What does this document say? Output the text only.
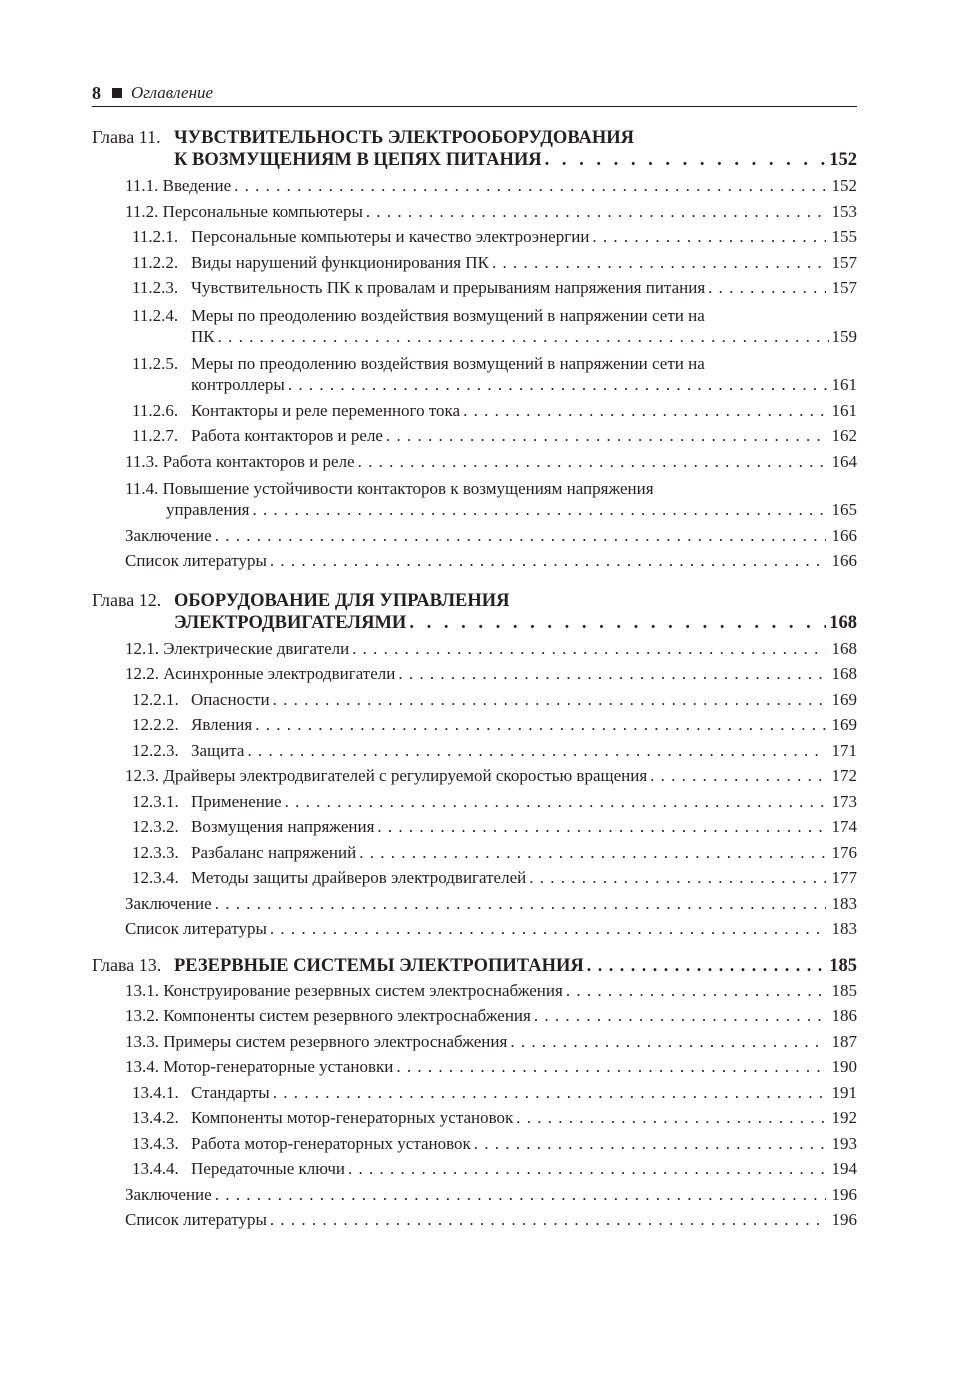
8 Оглавление
Глава 11. ЧУВСТВИТЕЛЬНОСТЬ ЭЛЕКТРООБОРУДОВАНИЯ
К ВОЗМУЩЕНИЯМ В ЦЕПЯХ ПИТАНИЯ . . .	152
11.1. Введение . . .	152
11.2. Персональные компьютеры . . .	153
11.2.1. Персональные компьютеры и качество электроэнергии . . .	155
11.2.2. Виды нарушений функционирования ПК . . .	157
11.2.3. Чувствительность ПК к провалам и прерываниям напряжения питания . . .	157
11.2.4. Меры по преодолению воздействия возмущений в напряжении сети на
ПК . . .	159
11.2.5. Меры по преодолению воздействия возмущений в напряжении сети на
контроллеры . . .	161
11.2.6. Контакторы и реле переменного тока . . .	161
11.2.7. Работа контакторов и реле . . .	162
11.3. Работа контакторов и реле . . .	164
11.4. Повышение устойчивости контакторов к возмущениям напряжения
управления . . .	165
Заключение . . .	166
Список литературы . . .	166
Глава 12. ОБОРУДОВАНИЕ ДЛЯ УПРАВЛЕНИЯ
ЭЛЕКТРОДВИГАТЕЛЯМИ . . .	168
12.1. Электрические двигатели . . .	168
12.2. Асинхронные электродвигатели . . .	168
12.2.1. Опасности . . .	169
12.2.2. Явления . . .	169
12.2.3. Защита . . .	171
12.3. Драйверы электродвигателей с регулируемой скоростью вращения . . .	172
12.3.1. Применение . . .	173
12.3.2. Возмущения напряжения . . .	174
12.3.3. Разбаланс напряжений . . .	176
12.3.4. Методы защиты драйверов электродвигателей . . .	177
Заключение . . .	183
Список литературы . . .	183
Глава 13. РЕЗЕРВНЫЕ СИСТЕМЫ ЭЛЕКТРОПИТАНИЯ . . .	185
13.1. Конструирование резервных систем электроснабжения . . .	185
13.2. Компоненты систем резервного электроснабжения . . .	186
13.3. Примеры систем резервного электроснабжения . . .	187
13.4. Мотор-генераторные установки . . .	190
13.4.1. Стандарты . . .	191
13.4.2. Компоненты мотор-генераторных установок . . .	192
13.4.3. Работа мотор-генераторных установок . . .	193
13.4.4. Передаточные ключи . . .	194
Заключение . . .	196
Список литературы . . .	196
